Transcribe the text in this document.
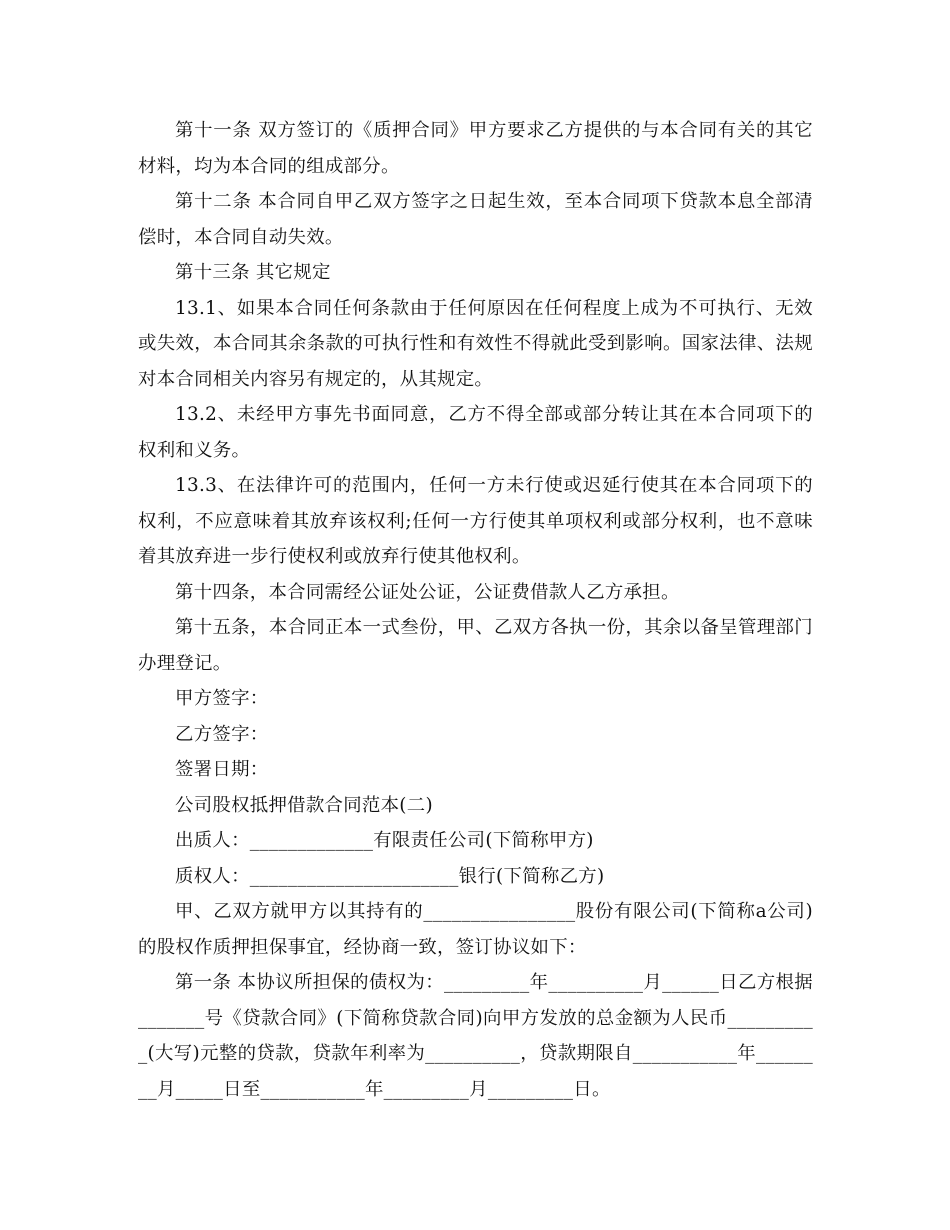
第十一条 双方签订的《质押合同》甲方要求乙方提供的与本合同有关的其它材料，均为本合同的组成部分。

第十二条 本合同自甲乙双方签字之日起生效，至本合同项下贷款本息全部清偿时，本合同自动失效。

第十三条 其它规定

13.1、如果本合同任何条款由于任何原因在任何程度上成为不可执行、无效或失效，本合同其余条款的可执行性和有效性不得就此受到影响。国家法律、法规对本合同相关内容另有规定的，从其规定。

13.2、未经甲方事先书面同意，乙方不得全部或部分转让其在本合同项下的权利和义务。

13.3、在法律许可的范围内，任何一方未行使或迟延行使其在本合同项下的权利，不应意味着其放弃该权利;任何一方行使其单项权利或部分权利，也不意味着其放弃进一步行使权利或放弃行使其他权利。

第十四条，本合同需经公证处公证，公证费借款人乙方承担。

第十五条，本合同正本一式叁份，甲、乙双方各执一份，其余以备呈管理部门办理登记。

甲方签字：

乙方签字：

签署日期：

公司股权抵押借款合同范本(二)

出质人：_____________有限责任公司(下简称甲方)

质权人：______________________银行(下简称乙方)

甲、乙双方就甲方以其持有的________________股份有限公司(下简称a公司)的股权作质押担保事宜，经协商一致，签订协议如下：

第一条 本协议所担保的债权为：_________年__________月______日乙方根据_______号《贷款合同》(下简称贷款合同)向甲方发放的总金额为人民币__________(大写)元整的贷款，贷款年利率为__________，贷款期限自___________年________月_____日至___________年_________月_________日。
